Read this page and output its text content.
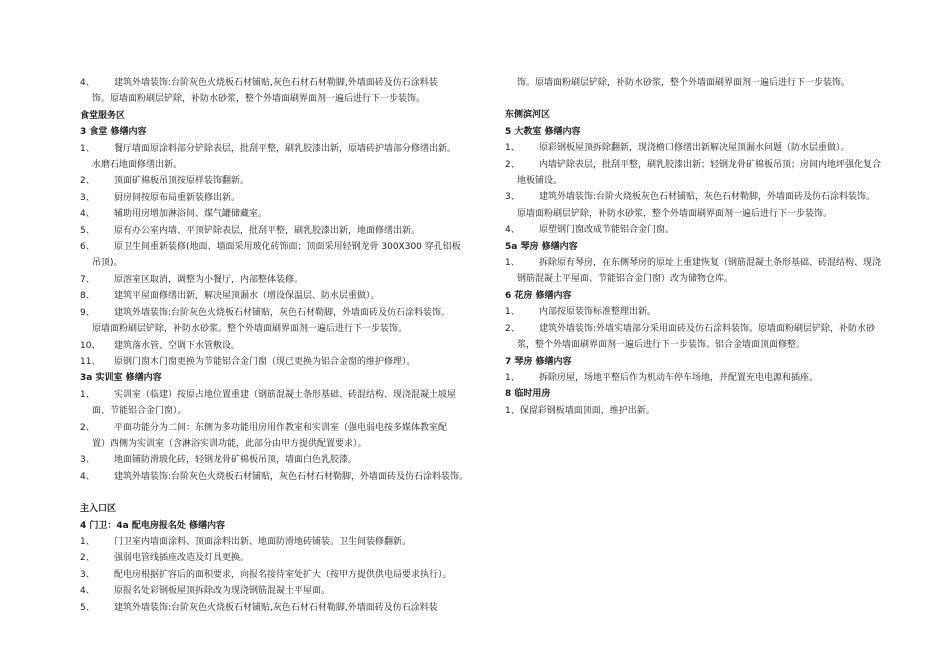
4、 建筑外墙装饰:台阶灰色火烧板石材铺贴,灰色石材石材勒脚,外墙面砖及仿石涂料装
饰。原墙面粉刷层铲除，补防水砂浆，整个外墙面刷界面剂一遍后进行下一步装饰。
食堂服务区
3 食堂 修缮内容
1、 餐厅墙面原涂料部分铲除表层，批刮平整，刷乳胶漆出新，原墙砖护墙部分修缮出新。
水磨石地面修缮出新。
2、 顶面矿棉板吊顶按原样装饰翻新。
3、 厨房间按原布局重新装修出新。
4、 辅助用房增加淋浴间、煤气罐储藏室。
5、 原有办公室内墙、平顶铲除表层，批刮平整，刷乳胶漆出新，地面修缮出新。
6、 原卫生间重新装修(地面、墙面采用玻化砖饰面；顶面采用轻钢龙骨 300X300 穿孔铝板
吊顶)。
7、 原溶室区取消，调整为小餐厅，内部整体装修。
8、 建筑平屋面修缮出新，解决屋顶漏水（增设保温层、防水层重做）。
9、 建筑外墙装饰:台阶灰色火烧板石材铺贴，灰色石材勒脚，外墙面砖及仿石涂料装饰。
原墙面粉刷层铲除，补防水砂浆。整个外墙面刷界面剂一遍后进行下一步装饰。
10、 建筑落水管、空调下水管敷设。
11、 原钢门窗木门窗更换为节能铝合金门窗（现已更换为铝合金窗的维护修理）。
3a 实训室 修缮内容
1、 实训室（临建）按原占地位置重建（钢筋混凝土条形基础、砖混结构、现浇混凝土坡屋
面、节能铝合金门窗）。
2、 平面功能分为二间：东侧为多功能用房用作教室和实训室（强电弱电按多媒体教室配
置）西侧为实训室（含淋浴实训功能，此部分由甲方提供配置要求）。
3、 地面铺防滑玻化砖，轻钢龙骨矿棉板吊顶，墙面白色乳胶漆。
4、 建筑外墙装饰:台阶灰色火烧板石材铺贴，灰色石材石材勒脚，外墙面砖及仿石涂料装饰。
主入口区
4 门卫：4a 配电房报名处 修缮内容
1、 门卫室内墙面涂料、顶面涂料出新、地面防滑地砖铺装。卫生间装修翻新。
2、 强弱电管线插座改造及灯具更换。
3、 配电房根据扩容后的面积要求，向报名接待室处扩大（按甲方提供供电局要求执行）。
4、 原报名处彩钢板屋顶拆除改为现浇钢筋混凝土平屋面。
5、 建筑外墙装饰:台阶灰色火烧板石材铺贴,灰色石材石材勒脚,外墙面砖及仿石涂料装
饰。原墙面粉刷层铲除，补防水砂浆，整个外墙面刷界面剂一遍后进行下一步装饰。
东侧滨河区
5 大教室 修缮内容
1、 原彩钢板屋顶拆除翻新，现浇檐口修缮出新解决屋顶漏水问题（防水层重做）。
2、 内墙铲除表层，批刮平整，刷乳胶漆出新；轻钢龙骨矿棉板吊顶；房间内地坪强化复合
地板铺设。
3、 建筑外墙装饰:台阶火烧板灰色石材铺贴，灰色石材勒脚，外墙面砖及仿石涂料装饰。
原墙面粉刷层铲除，补防水砂浆，整个外墙面刷界面剂一遍后进行下一步装饰。
4、 原塑钢门窗改成节能铝合金门窗。
5a 琴房 修缮内容
1、 拆除原有琴房，在东侧琴房的原址上重建恢复（钢筋混凝土条形基础、砖混结构、现浇
钢筋混凝土平屋面、节能铝合金门窗）改为储物仓库。
6 花房 修缮内容
1、 内部按原装饰标准整理出新。
2、 建筑外墙装饰:外墙实墙部分采用面砖及仿石涂料装饰。原墙面粉刷层铲除，补防水砂
浆，整个外墙面刷界面剂一遍后进行下一步装饰。铝合金墙面顶面修整。
7 琴房 修缮内容
1、 拆除房屋，场地平整后作为机动车停车场地，并配置充电电源和插座。
8 临时用房
1、保留彩钢板墙面顶面，维护出新。
